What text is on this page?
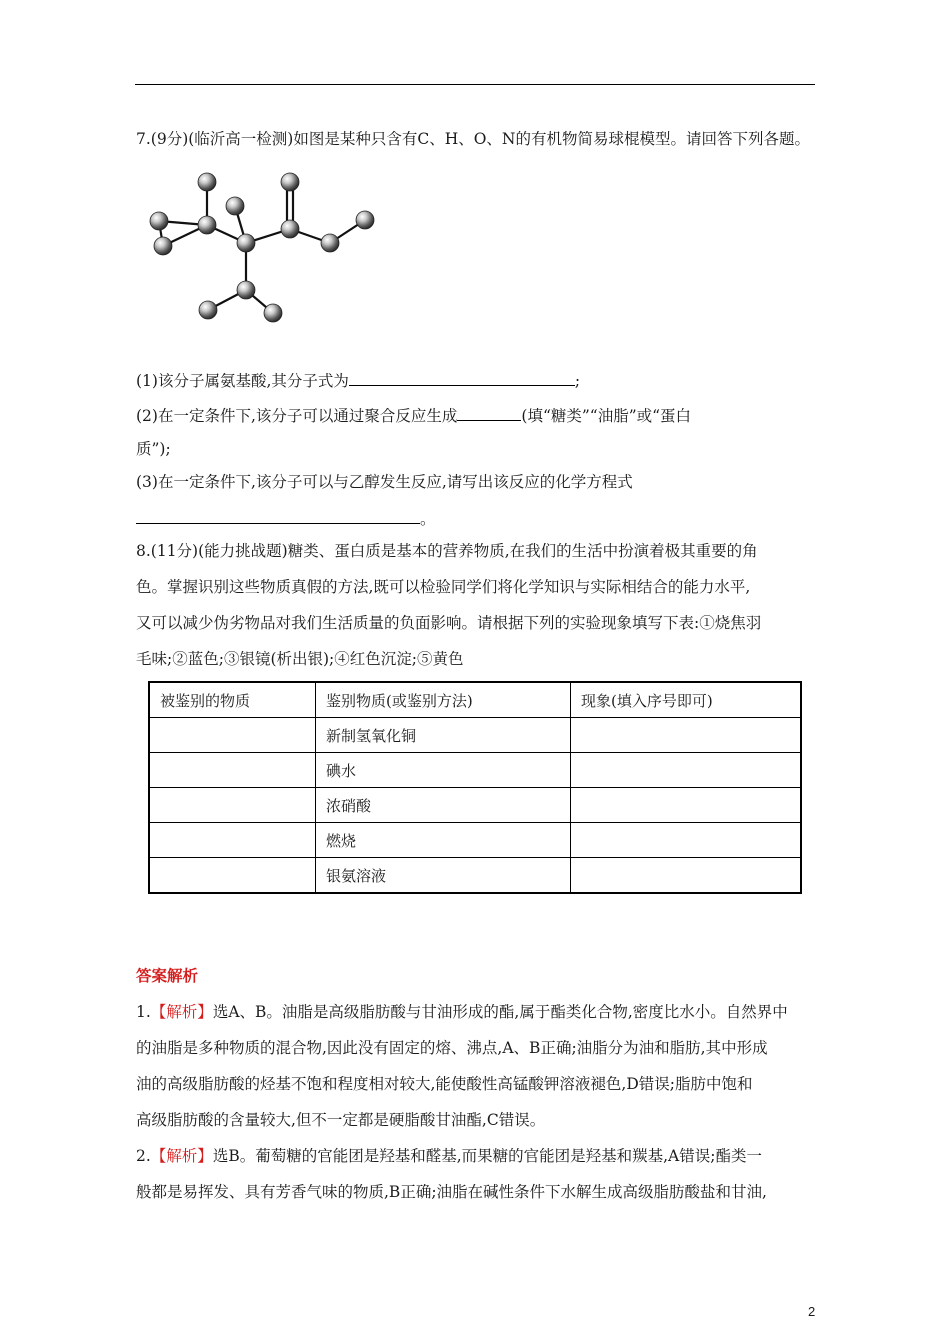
7.(9分)(临沂高一检测)如图是某种只含有C、H、O、N的有机物简易球棍模型。请回答下列各题。
(1)该分子属氨基酸,其分子式为	;
(2)在一定条件下,该分子可以通过聚合反应生成	(填“糖类”“油脂”或“蛋白
质”);
(3)在一定条件下,该分子可以与乙醇发生反应,请写出该反应的化学方程式
。
8.(11分)(能力挑战题)糖类、蛋白质是基本的营养物质,在我们的生活中扮演着极其重要的角
色。掌握识别这些物质真假的方法,既可以检验同学们将化学知识与实际相结合的能力水平,
又可以减少伪劣物品对我们生活质量的负面影响。请根据下列的实验现象填写下表:①烧焦羽
毛味;②蓝色;③银镜(析出银);④红色沉淀;⑤黄色
被鉴别的物质	鉴别物质(或鉴别方法)	现象(填入序号即可)
	新制氢氧化铜	
	碘水	
	浓硝酸	
	燃烧	
	银氨溶液	
答案解析
1.【解析】选A、B。油脂是高级脂肪酸与甘油形成的酯,属于酯类化合物,密度比水小。自然界中
的油脂是多种物质的混合物,因此没有固定的熔、沸点,A、B正确;油脂分为油和脂肪,其中形成
油的高级脂肪酸的烃基不饱和程度相对较大,能使酸性高锰酸钾溶液褪色,D错误;脂肪中饱和
高级脂肪酸的含量较大,但不一定都是硬脂酸甘油酯,C错误。
2.【解析】选B。葡萄糖的官能团是羟基和醛基,而果糖的官能团是羟基和羰基,A错误;酯类一
般都是易挥发、具有芳香气味的物质,B正确;油脂在碱性条件下水解生成高级脂肪酸盐和甘油,
2
